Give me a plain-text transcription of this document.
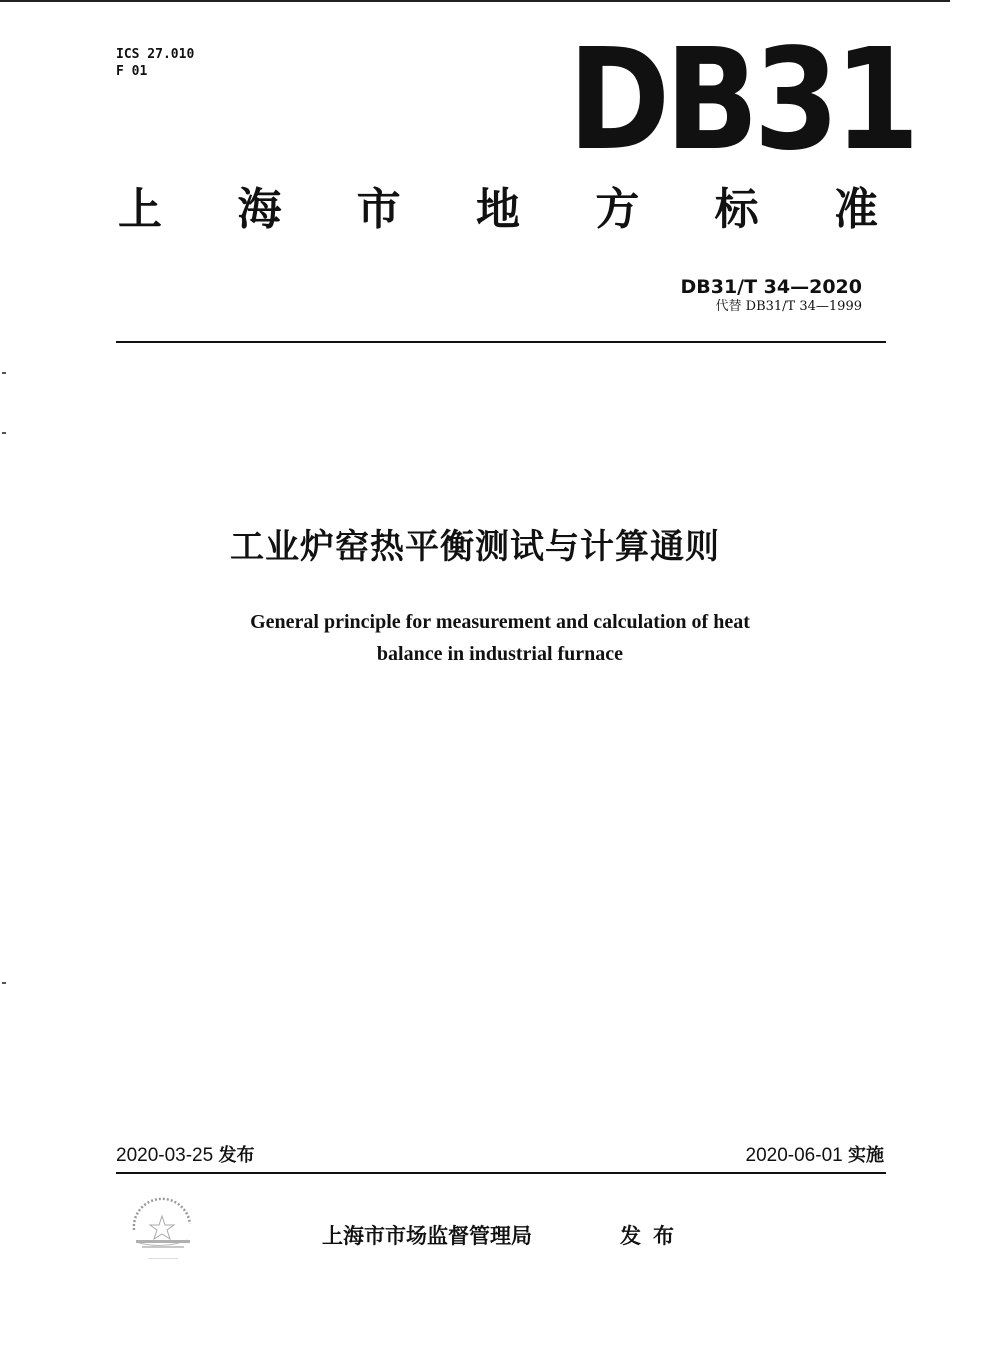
ICS 27.010
F 01	DB31
上 海 市 地 方 标 准
DB31/T 34—2020
代替 DB31/T 34—1999
工业炉窑热平衡测试与计算通则
General principle for measurement and calculation of heat
balance in industrial furnace
2020-03-25 发布	2020-06-01 实施
上海市市场监督管理局	发布
